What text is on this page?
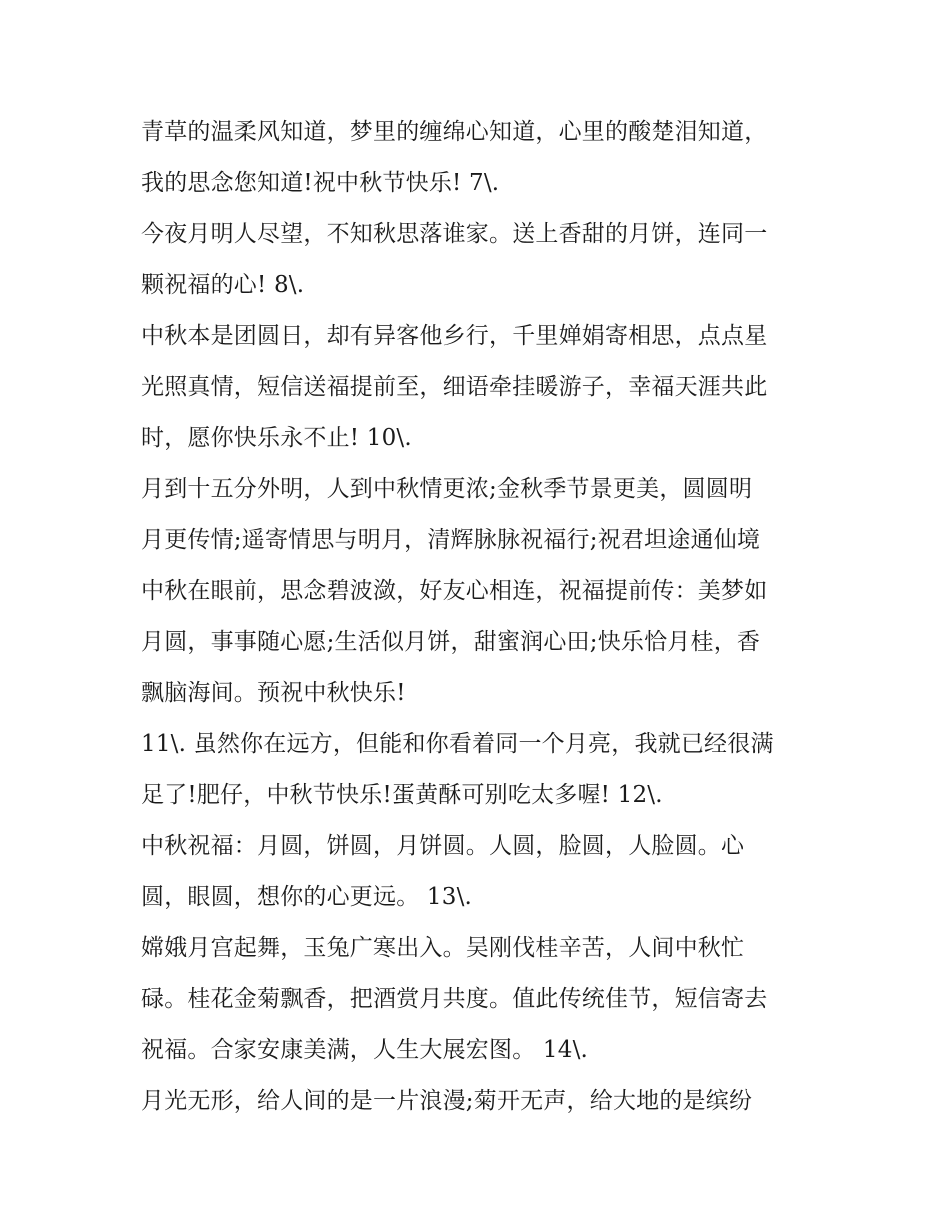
青草的温柔风知道，梦里的缠绵心知道，心里的酸楚泪知道，
我的思念您知道!祝中秋节快乐! 7\.
今夜月明人尽望，不知秋思落谁家。送上香甜的月饼，连同一
颗祝福的心! 8\.
中秋本是团圆日，却有异客他乡行，千里婵娟寄相思，点点星
光照真情，短信送福提前至，细语牵挂暖游子，幸福天涯共此
时，愿你快乐永不止! 10\.
月到十五分外明，人到中秋情更浓;金秋季节景更美，圆圆明
月更传情;遥寄情思与明月，清辉脉脉祝福行;祝君坦途通仙境
中秋在眼前，思念碧波潋，好友心相连，祝福提前传：美梦如
月圆，事事随心愿;生活似月饼，甜蜜润心田;快乐恰月桂，香
飘脑海间。预祝中秋快乐!
11\. 虽然你在远方，但能和你看着同一个月亮，我就已经很满
足了!肥仔，中秋节快乐!蛋黄酥可别吃太多喔! 12\.
中秋祝福：月圆，饼圆，月饼圆。人圆，脸圆，人脸圆。心
圆，眼圆，想你的心更远。 13\.
嫦娥月宫起舞，玉兔广寒出入。吴刚伐桂辛苦，人间中秋忙
碌。桂花金菊飘香，把酒赏月共度。值此传统佳节，短信寄去
祝福。合家安康美满，人生大展宏图。 14\.
月光无形，给人间的是一片浪漫;菊开无声，给大地的是缤纷
